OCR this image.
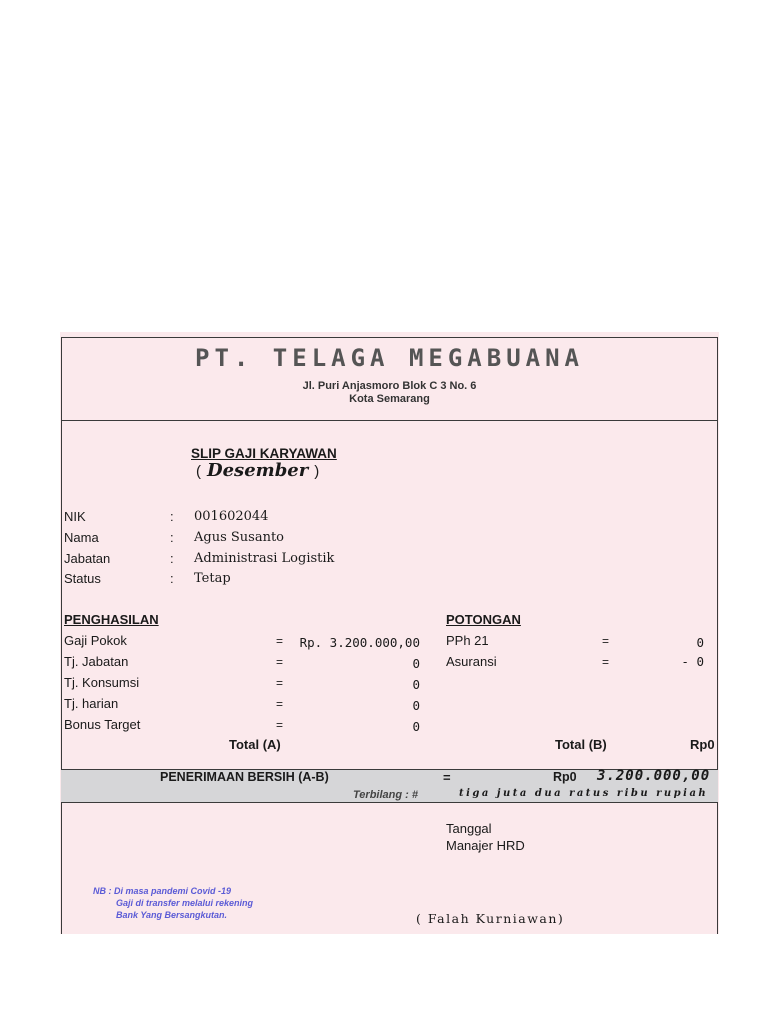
PT. TELAGA MEGABUANA
Jl. Puri Anjasmoro Blok C 3 No. 6
Kota Semarang
SLIP GAJI KARYAWAN
( Desember )
NIK	: 001602044
Nama	: Agus Susanto
Jabatan	: Administrasi Logistik
Status	: Tetap
PENGHASILAN
Gaji Pokok	=	Rp. 3.200.000,00
Tj. Jabatan	=	0
Tj. Konsumsi	=	0
Tj. harian	=	0
Bonus Target	=	0
Total (A)
POTONGAN
PPh 21	=	0
Asuransi	=	- 0
Total (B)	Rp0
PENERIMAAN BERSIH (A-B)	=	Rp0 3.200.000,00
Terbilang : #	tiga juta dua ratus ribu rupiah
Tanggal
Manajer HRD
( Falah Kurniawan)
NB : Di masa pandemi Covid -19
Gaji di transfer melalui rekening
Bank Yang Bersangkutan.
